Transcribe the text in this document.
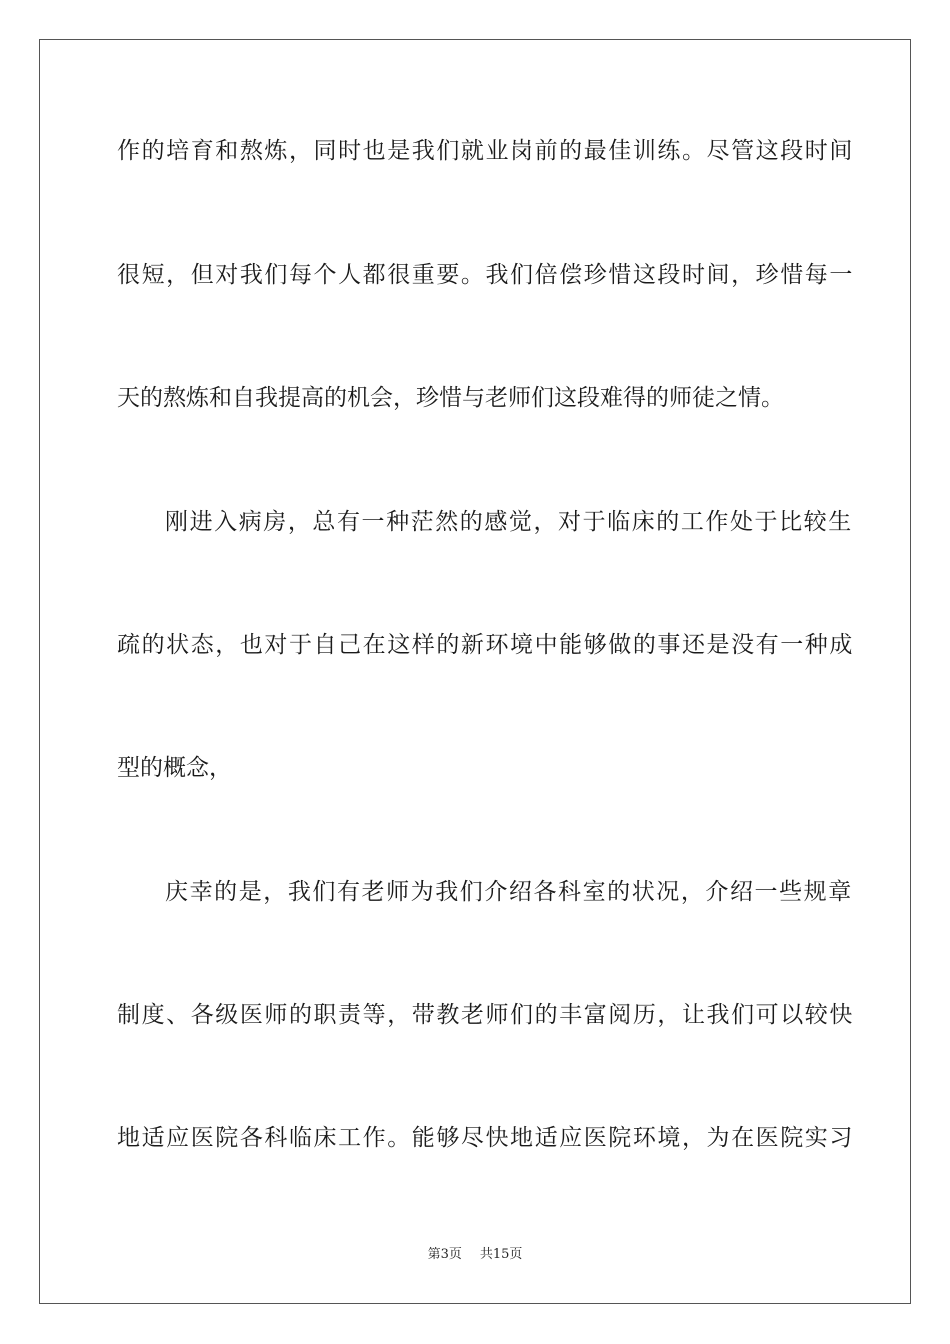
作 的 培 育 和 熬 炼 ， 同 时 也 是 我 们 就 业 岗 前 的 最 佳 训 练 。 尽 管 这 段 时 间
很 短 ， 但 对 我 们 每 个 人 都 很 重 要 。 我 们 倍 偿 珍 惜 这 段 时 间 ， 珍 惜 每 一
天的熬炼和自我提高的机会，珍惜与老师们这段难得的师徒之情。
刚 进 入 病 房 ， 总 有 一 种 茫 然 的 感 觉 ， 对 于 临 床 的 工 作 处 于 比 较 生
疏 的 状 态 ， 也 对 于 自 己 在 这 样 的 新 环 境 中 能 够 做 的 事 还 是 没 有 一 种 成
型的概念，
庆 幸 的 是 ， 我 们 有 老 师 为 我 们 介 绍 各 科 室 的 状 况 ， 介 绍 一 些 规 章
制 度 、 各 级 医 师 的 职 责 等 ， 带 教 老 师 们 的 丰 富 阅 历 ， 让 我 们 可 以 较 快
地 适 应 医 院 各 科 临 床 工 作 。 能 够 尽 快 地 适 应 医 院 环 境 ， 为 在 医 院 实 习
第3页 共15页
